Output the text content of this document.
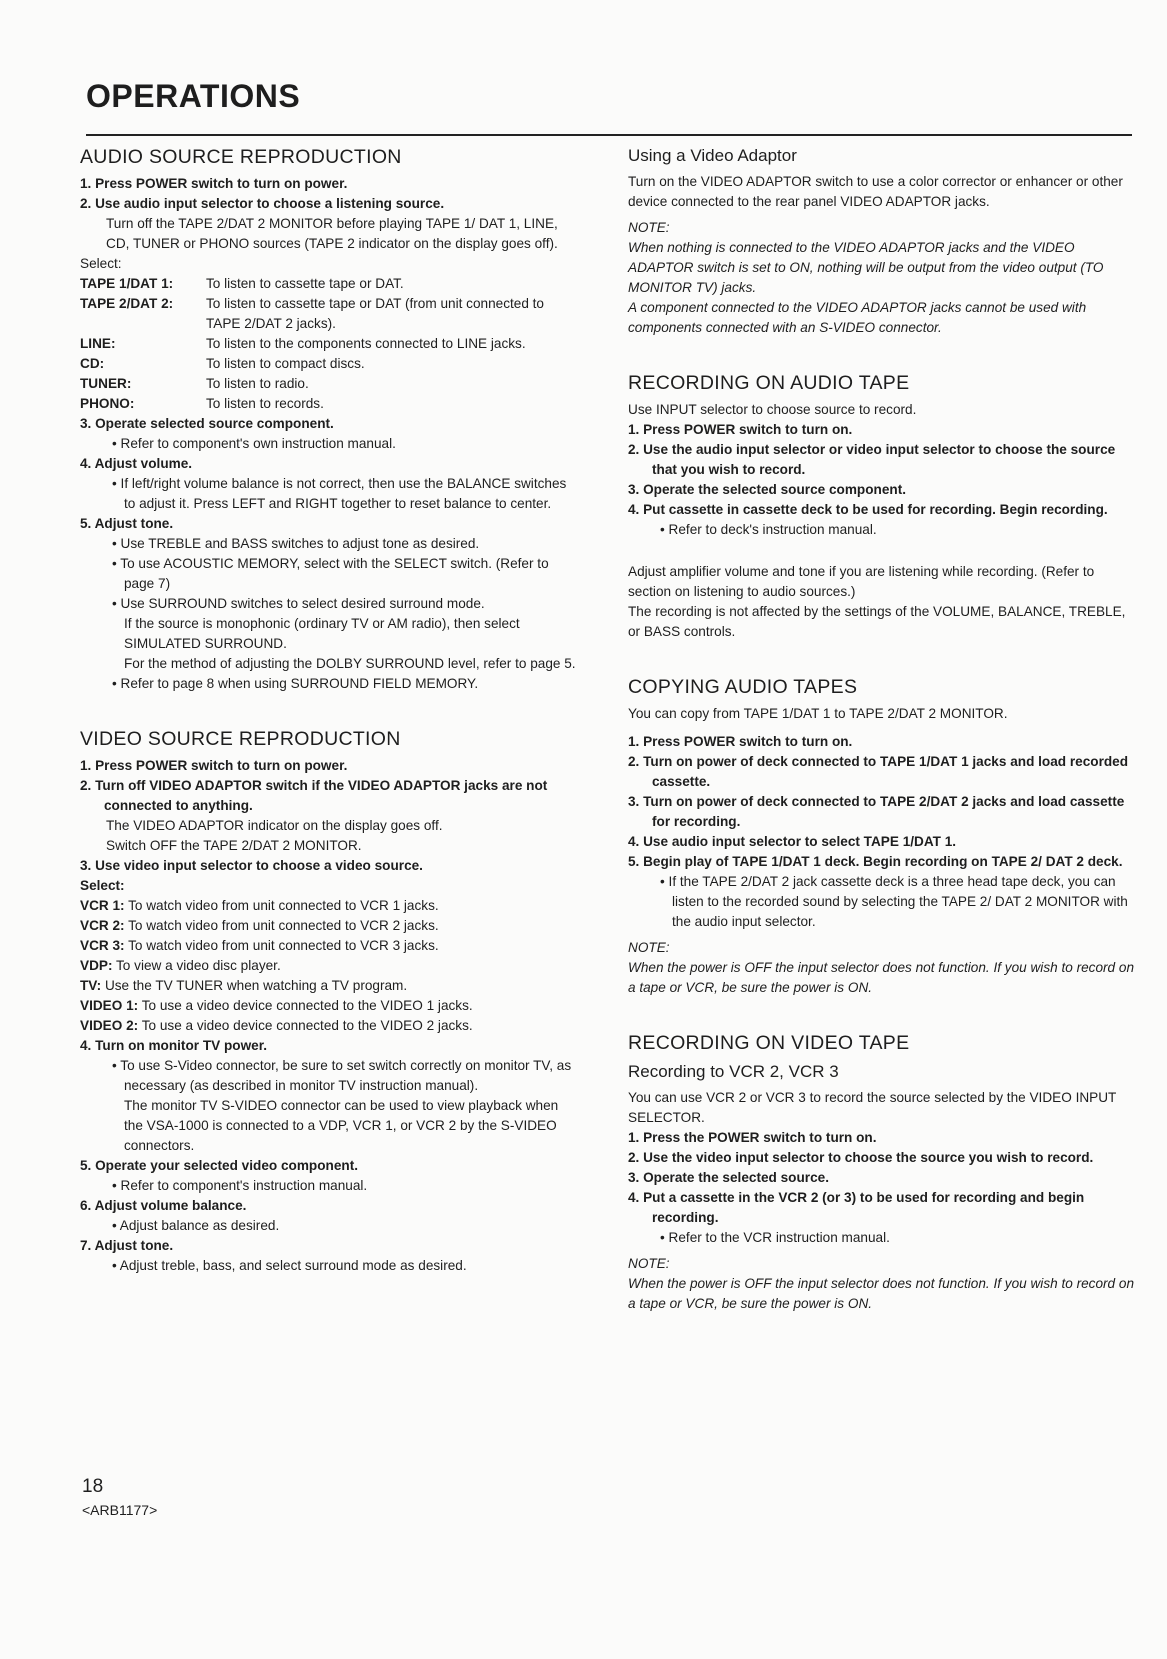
OPERATIONS
AUDIO SOURCE REPRODUCTION

1. Press POWER switch to turn on power.

2. Use audio input selector to choose a listening source.

Turn off the TAPE 2/DAT 2 MONITOR before playing TAPE 1/ DAT 1, LINE, CD, TUNER or PHONO sources (TAPE 2 indicator on the display goes off).

Select:

TAPE 1/DAT 1:	To listen to cassette tape or DAT.
TAPE 2/DAT 2:	To listen to cassette tape or DAT (from unit connected to TAPE 2/DAT 2 jacks).
LINE:	To listen to the components connected to LINE jacks.
CD:	To listen to compact discs.
TUNER:	To listen to radio.
PHONO:	To listen to records.

3. Operate selected source component.

• Refer to component's own instruction manual.

4. Adjust volume.

• If left/right volume balance is not correct, then use the BALANCE switches to adjust it. Press LEFT and RIGHT together to reset balance to center.

5. Adjust tone.

• Use TREBLE and BASS switches to adjust tone as desired.

• To use ACOUSTIC MEMORY, select with the SELECT switch. (Refer to page 7)

• Use SURROUND switches to select desired surround mode.

If the source is monophonic (ordinary TV or AM radio), then select SIMULATED SURROUND.

For the method of adjusting the DOLBY SURROUND level, refer to page 5.

• Refer to page 8 when using SURROUND FIELD MEMORY.

VIDEO SOURCE REPRODUCTION

1. Press POWER switch to turn on power.

2. Turn off VIDEO ADAPTOR switch if the VIDEO ADAPTOR jacks are not connected to anything.

The VIDEO ADAPTOR indicator on the display goes off.

Switch OFF the TAPE 2/DAT 2 MONITOR.

3. Use video input selector to choose a video source.

Select:

VCR 1: To watch video from unit connected to VCR 1 jacks.

VCR 2: To watch video from unit connected to VCR 2 jacks.

VCR 3: To watch video from unit connected to VCR 3 jacks.

VDP: To view a video disc player.

TV: Use the TV TUNER when watching a TV program.

VIDEO 1: To use a video device connected to the VIDEO 1 jacks.

VIDEO 2: To use a video device connected to the VIDEO 2 jacks.

4. Turn on monitor TV power.

• To use S-Video connector, be sure to set switch correctly on monitor TV, as necessary (as described in monitor TV instruction manual).

The monitor TV S-VIDEO connector can be used to view playback when the VSA-1000 is connected to a VDP, VCR 1, or VCR 2 by the S-VIDEO connectors.

5. Operate your selected video component.

• Refer to component's instruction manual.

6. Adjust volume balance.

• Adjust balance as desired.

7. Adjust tone.

• Adjust treble, bass, and select surround mode as desired.

Using a Video Adaptor

Turn on the VIDEO ADAPTOR switch to use a color corrector or enhancer or other device connected to the rear panel VIDEO ADAPTOR jacks.

NOTE:

When nothing is connected to the VIDEO ADAPTOR jacks and the VIDEO ADAPTOR switch is set to ON, nothing will be output from the video output (TO MONITOR TV) jacks.

A component connected to the VIDEO ADAPTOR jacks cannot be used with components connected with an S-VIDEO connector.

RECORDING ON AUDIO TAPE

Use INPUT selector to choose source to record.

1. Press POWER switch to turn on.

2. Use the audio input selector or video input selector to choose the source that you wish to record.

3. Operate the selected source component.

4. Put cassette in cassette deck to be used for recording. Begin recording.

• Refer to deck's instruction manual.

Adjust amplifier volume and tone if you are listening while recording. (Refer to section on listening to audio sources.)

The recording is not affected by the settings of the VOLUME, BALANCE, TREBLE, or BASS controls.

COPYING AUDIO TAPES

You can copy from TAPE 1/DAT 1 to TAPE 2/DAT 2 MONITOR.

1. Press POWER switch to turn on.

2. Turn on power of deck connected to TAPE 1/DAT 1 jacks and load recorded cassette.

3. Turn on power of deck connected to TAPE 2/DAT 2 jacks and load cassette for recording.

4. Use audio input selector to select TAPE 1/DAT 1.

5. Begin play of TAPE 1/DAT 1 deck. Begin recording on TAPE 2/ DAT 2 deck.

• If the TAPE 2/DAT 2 jack cassette deck is a three head tape deck, you can listen to the recorded sound by selecting the TAPE 2/ DAT 2 MONITOR with the audio input selector.

NOTE:

When the power is OFF the input selector does not function. If you wish to record on a tape or VCR, be sure the power is ON.

RECORDING ON VIDEO TAPE
Recording to VCR 2, VCR 3

You can use VCR 2 or VCR 3 to record the source selected by the VIDEO INPUT SELECTOR.

1. Press the POWER switch to turn on.

2. Use the video input selector to choose the source you wish to record.

3. Operate the selected source.

4. Put a cassette in the VCR 2 (or 3) to be used for recording and begin recording.

• Refer to the VCR instruction manual.

NOTE:

When the power is OFF the input selector does not function. If you wish to record on a tape or VCR, be sure the power is ON.

18

<ARB1177>
